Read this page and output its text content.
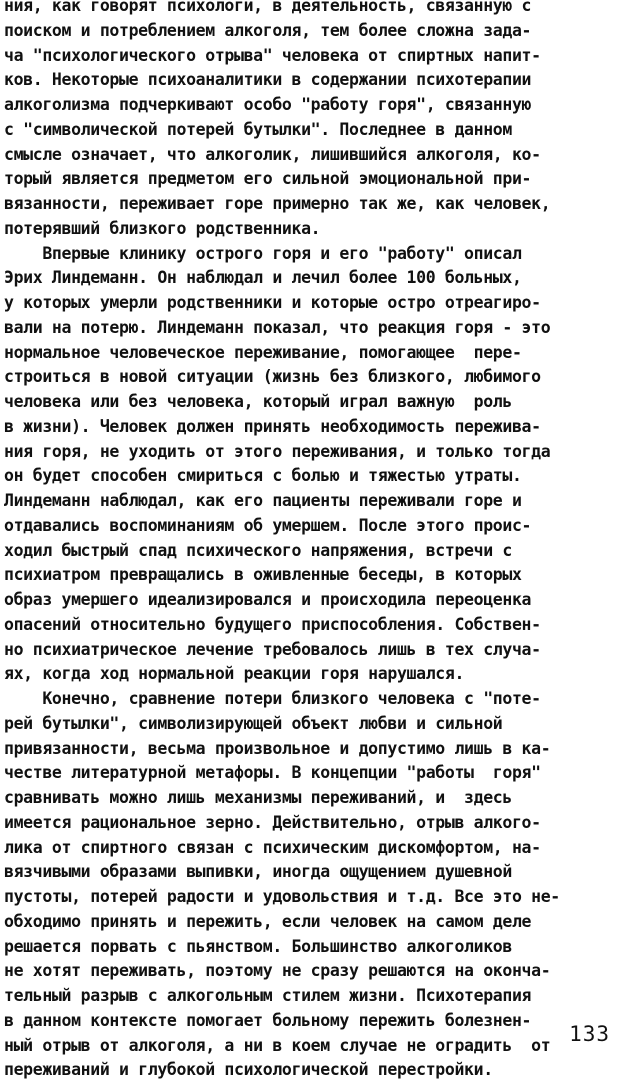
ния, как говорят психологи, в деятельность, связанную с
поиском и потреблением алкоголя, тем более сложна зада-
ча "психологического отрыва" человека от спиртных напит-
ков. Некоторые психоаналитики в содержании психотерапии
алкоголизма подчеркивают особо "работу горя", связанную
с "символической потерей бутылки". Последнее в данном
смысле означает, что алкоголик, лишившийся алкоголя, ко-
торый является предметом его сильной эмоциональной при-
вязанности, переживает горе примерно так же, как человек,
потерявший близкого родственника.
Впервые клинику острого горя и его "работу" описал
Эрих Линдеманн. Он наблюдал и лечил более 100 больных,
у которых умерли родственники и которые остро отреагиро-
вали на потерю. Линдеманн показал, что реакция горя - это
нормальное человеческое переживание, помогающее  пере-
строиться в новой ситуации (жизнь без близкого, любимого
человека или без человека, который играл важную  роль
в жизни). Человек должен принять необходимость пережива-
ния горя, не уходить от этого переживания, и только тогда
он будет способен смириться с болью и тяжестью утраты.
Линдеманн наблюдал, как его пациенты переживали горе и
отдавались воспоминаниям об умершем. После этого проис-
ходил быстрый спад психического напряжения, встречи с
психиатром превращались в оживленные беседы, в которых
образ умершего идеализировался и происходила переоценка
опасений относительно будущего приспособления. Собствен-
но психиатрическое лечение требовалось лишь в тех случа-
ях, когда ход нормальной реакции горя нарушался.
Конечно, сравнение потери близкого человека с "поте-
рей бутылки", символизирующей объект любви и сильной
привязанности, весьма произвольное и допустимо лишь в ка-
честве литературной метафоры. В концепции "работы  горя"
сравнивать можно лишь механизмы переживаний, и  здесь
имеется рациональное зерно. Действительно, отрыв алкого-
лика от спиртного связан с психическим дискомфортом, на-
вязчивыми образами выпивки, иногда ощущением душевной
пустоты, потерей радости и удовольствия и т.д. Все это не-
обходимо принять и пережить, если человек на самом деле
решается порвать с пьянством. Большинство алкоголиков
не хотят переживать, поэтому не сразу решаются на оконча-
тельный разрыв с алкогольным стилем жизни. Психотерапия
в данном контексте помогает больному пережить болезнен-
ный отрыв от алкоголя, а ни в коем случае не оградить  от
переживаний и глубокой психологической перестройки.
133
